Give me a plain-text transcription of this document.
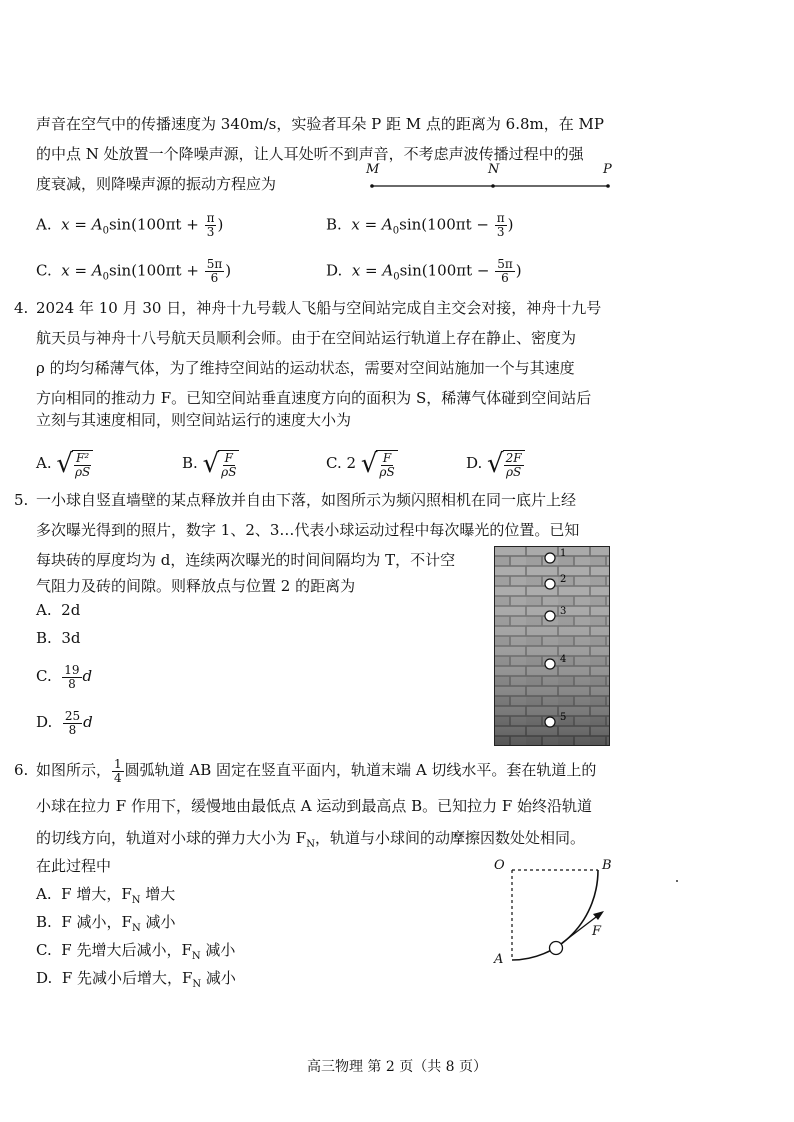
声音在空气中的传播速度为 340m/s，实验者耳朵 P 距 M 点的距离为 6.8m，在 MP
的中点 N 处放置一个降噪声源，让人耳处听不到声音，不考虑声波传播过程中的强
度衰减，则降噪声源的振动方程应为
M	N	P
A. $x = A_0\sin(100\pi t + \frac{\pi}{3}$ )	B. $x = A_0\sin(100\pi t - \frac{\pi}{3}$ )
C. $x = A_0\sin(100\pi t + \frac{5\pi}{6}$ )	D. $x = A_0\sin(100\pi t - \frac{5\pi}{6}$ )
4. 2024 年 10 月 30 日，神舟十九号载人飞船与空间站完成自主交会对接，神舟十九号
航天员与神舟十八号航天员顺利会师。由于在空间站运行轨道上存在静止、密度为
ρ 的均匀稀薄气体，为了维持空间站的运动状态，需要对空间站施加一个与其速度
方向相同的推动力 F。已知空间站垂直速度方向的面积为 S，稀薄气体碰到空间站后
立刻与其速度相同，则空间站运行的速度大小为
A. √ $\frac{\text{F²}}{\rho S}$	B. √ $\frac{F}{\rho S}$	C. 2 √ $\frac{F}{\rho S}$	D. √ $\frac{2F}{\rho S}$
5. 一小球自竖直墙壁的某点释放并自由下落，如图所示为频闪照相机在同一底片上经
多次曝光得到的照片，数字 1、2、3…代表小球运动过程中每次曝光的位置。已知
每块砖的厚度均为 d，连续两次曝光的时间间隔均为 T，不计空
气阻力及砖的间隙。则释放点与位置 2 的距离为
A. 2d
B. 3d
C. $\frac{19}{8}$ d
D. $\frac{25}{8}$ d
1
2
3
4
5
6. 如图所示， $\frac{1}{4}$ 圆弧轨道 AB 固定在竖直平面内，轨道末端 A 切线水平。套在轨道上的
小球在拉力 F 作用下，缓慢地由最低点 A 运动到最高点 B。已知拉力 F 始终沿轨道
的切线方向，轨道对小球的弹力大小为 $F_N$，轨道与小球间的动摩擦因数处处相同。
在此过程中
A. F 增大，$F_N$ 增大
B. F 减小，$F_N$ 减小
C. F 先增大后减小，$F_N$ 减小
D. F 先减小后增大，$F_N$ 减小
O	B
A
F
高三物理 第 2 页（共 8 页）
